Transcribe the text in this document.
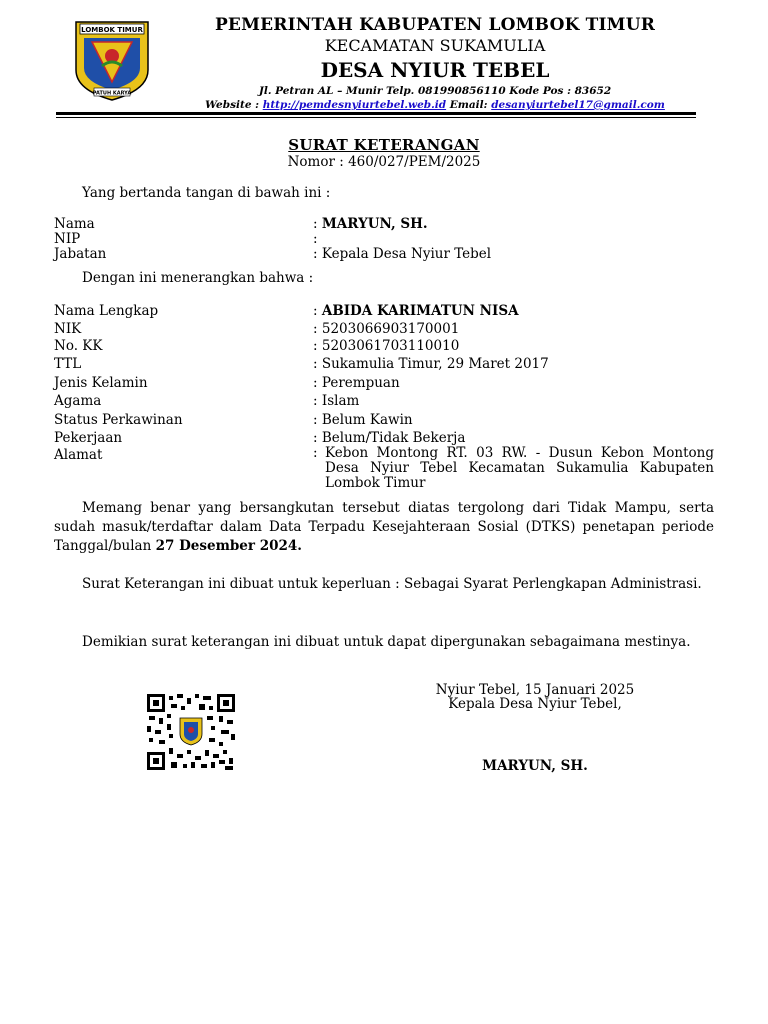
LOMBOK TIMUR
PATUH KARYA
PEMERINTAH KABUPATEN LOMBOK TIMUR
KECAMATAN SUKAMULIA
DESA NYIUR TEBEL
Jl. Petran AL – Munir Telp. 081990856110 Kode Pos : 83652
Website : http://pemdesnyiurtebel.web.id Email: desanyiurtebel17@gmail.com
SURAT KETERANGAN
Nomor : 460/027/PEM/2025
Yang bertanda tangan di bawah ini :
Nama	: MARYUN, SH.
NIP	:
Jabatan	: Kepala Desa Nyiur Tebel
Dengan ini menerangkan bahwa :
Nama Lengkap	: ABIDA KARIMATUN NISA
NIK	: 5203066903170001
No. KK	: 5203061703110010
TTL	: Sukamulia Timur, 29 Maret 2017
Jenis Kelamin	: Perempuan
Agama	: Islam
Status Perkawinan	: Belum Kawin
Pekerjaan	: Belum/Tidak Bekerja
Alamat	: Kebon Montong RT. 03 RW. - Dusun Kebon Montong Desa Nyiur Tebel Kecamatan Sukamulia Kabupaten Lombok Timur
Memang benar yang bersangkutan tersebut diatas tergolong dari Tidak Mampu, serta sudah masuk/terdaftar dalam Data Terpadu Kesejahteraan Sosial (DTKS) penetapan periode Tanggal/bulan 27 Desember 2024.
Surat Keterangan ini dibuat untuk keperluan : Sebagai Syarat Perlengkapan Administrasi.
Demikian surat keterangan ini dibuat untuk dapat dipergunakan sebagaimana mestinya.
Nyiur Tebel, 15 Januari 2025
Kepala Desa Nyiur Tebel,
MARYUN, SH.
